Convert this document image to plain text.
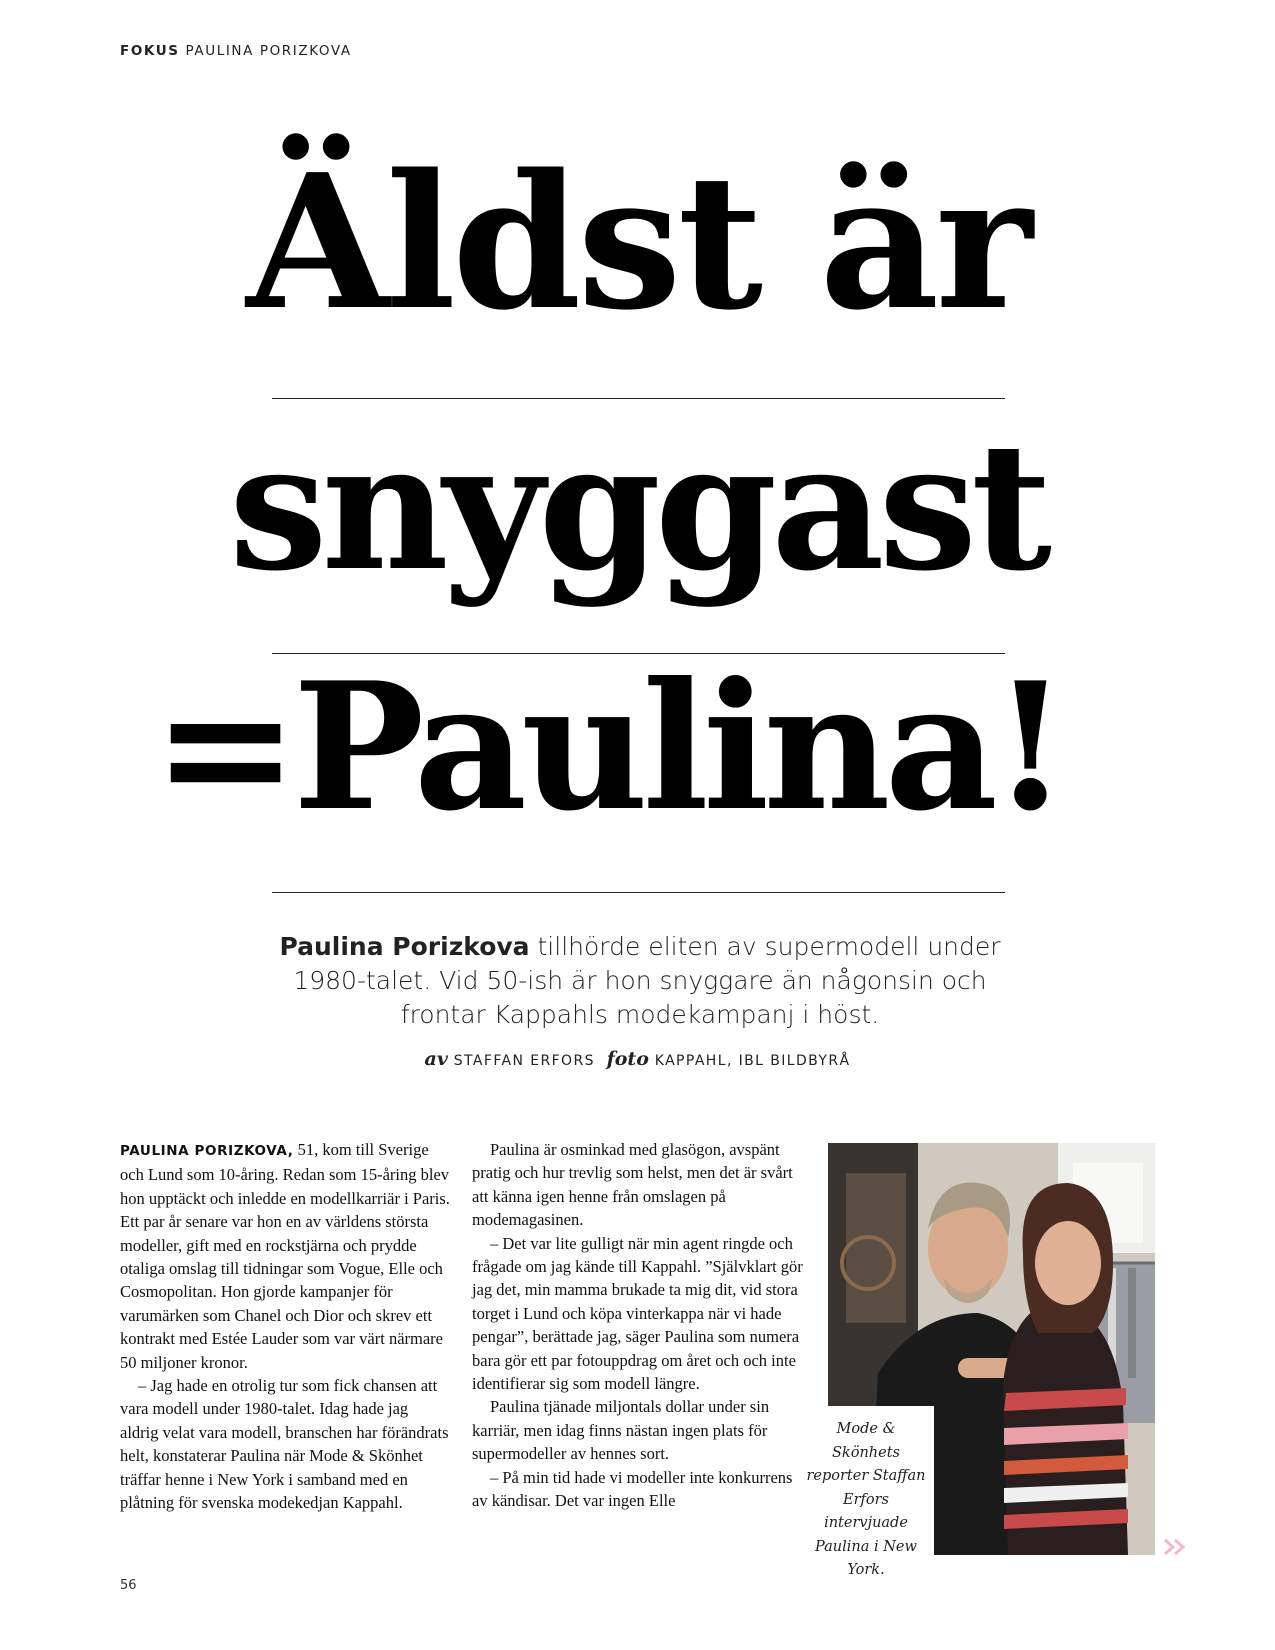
FOKUS PAULINA PORIZKOVA
Äldst är
snyggast
=Paulina!
Paulina Porizkova tillhörde eliten av supermodell under 1980-talet. Vid 50-ish är hon snyggare än någonsin och frontar Kappahls modekampanj i höst.
av STAFFAN ERFORS foto KAPPAHL, IBL BILDBYRÅ

PAULINA PORIZKOVA, 51, kom till Sverige och Lund som 10-åring. Redan som 15-åring blev hon upptäckt och inledde en modellkarriär i Paris. Ett par år senare var hon en av världens största modeller, gift med en rockstjärna och prydde otaliga omslag till tidningar som Vogue, Elle och Cosmopolitan. Hon gjorde kampanjer för varumärken som Chanel och Dior och skrev ett kontrakt med Estée Lauder som var värt närmare 50 miljoner kronor.

– Jag hade en otrolig tur som fick chansen att vara modell under 1980-talet. Idag hade jag aldrig velat vara modell, branschen har förändrats helt, konstaterar Paulina när Mode & Skönhet träffar henne i New York i samband med en plåtning för svenska modekedjan Kappahl.

Paulina är osminkad med glasögon, avspänt pratig och hur trevlig som helst, men det är svårt att känna igen henne från omslagen på modemagasinen.

– Det var lite gulligt när min agent ringde och frågade om jag kände till Kappahl. ”Självklart gör jag det, min mamma brukade ta mig dit, vid stora torget i Lund och köpa vinterkappa när vi hade pengar”, berättade jag, säger Paulina som numera bara gör ett par fotouppdrag om året och och inte identifierar sig som modell längre.

Paulina tjänade miljontals dollar under sin karriär, men idag finns nästan ingen plats för supermodeller av hennes sort.

– På min tid hade vi modeller inte konkurrens av kändisar. Det var ingen Elle

Mode & Skönhets reporter Staffan Erfors intervjuade Paulina i New York.
56
